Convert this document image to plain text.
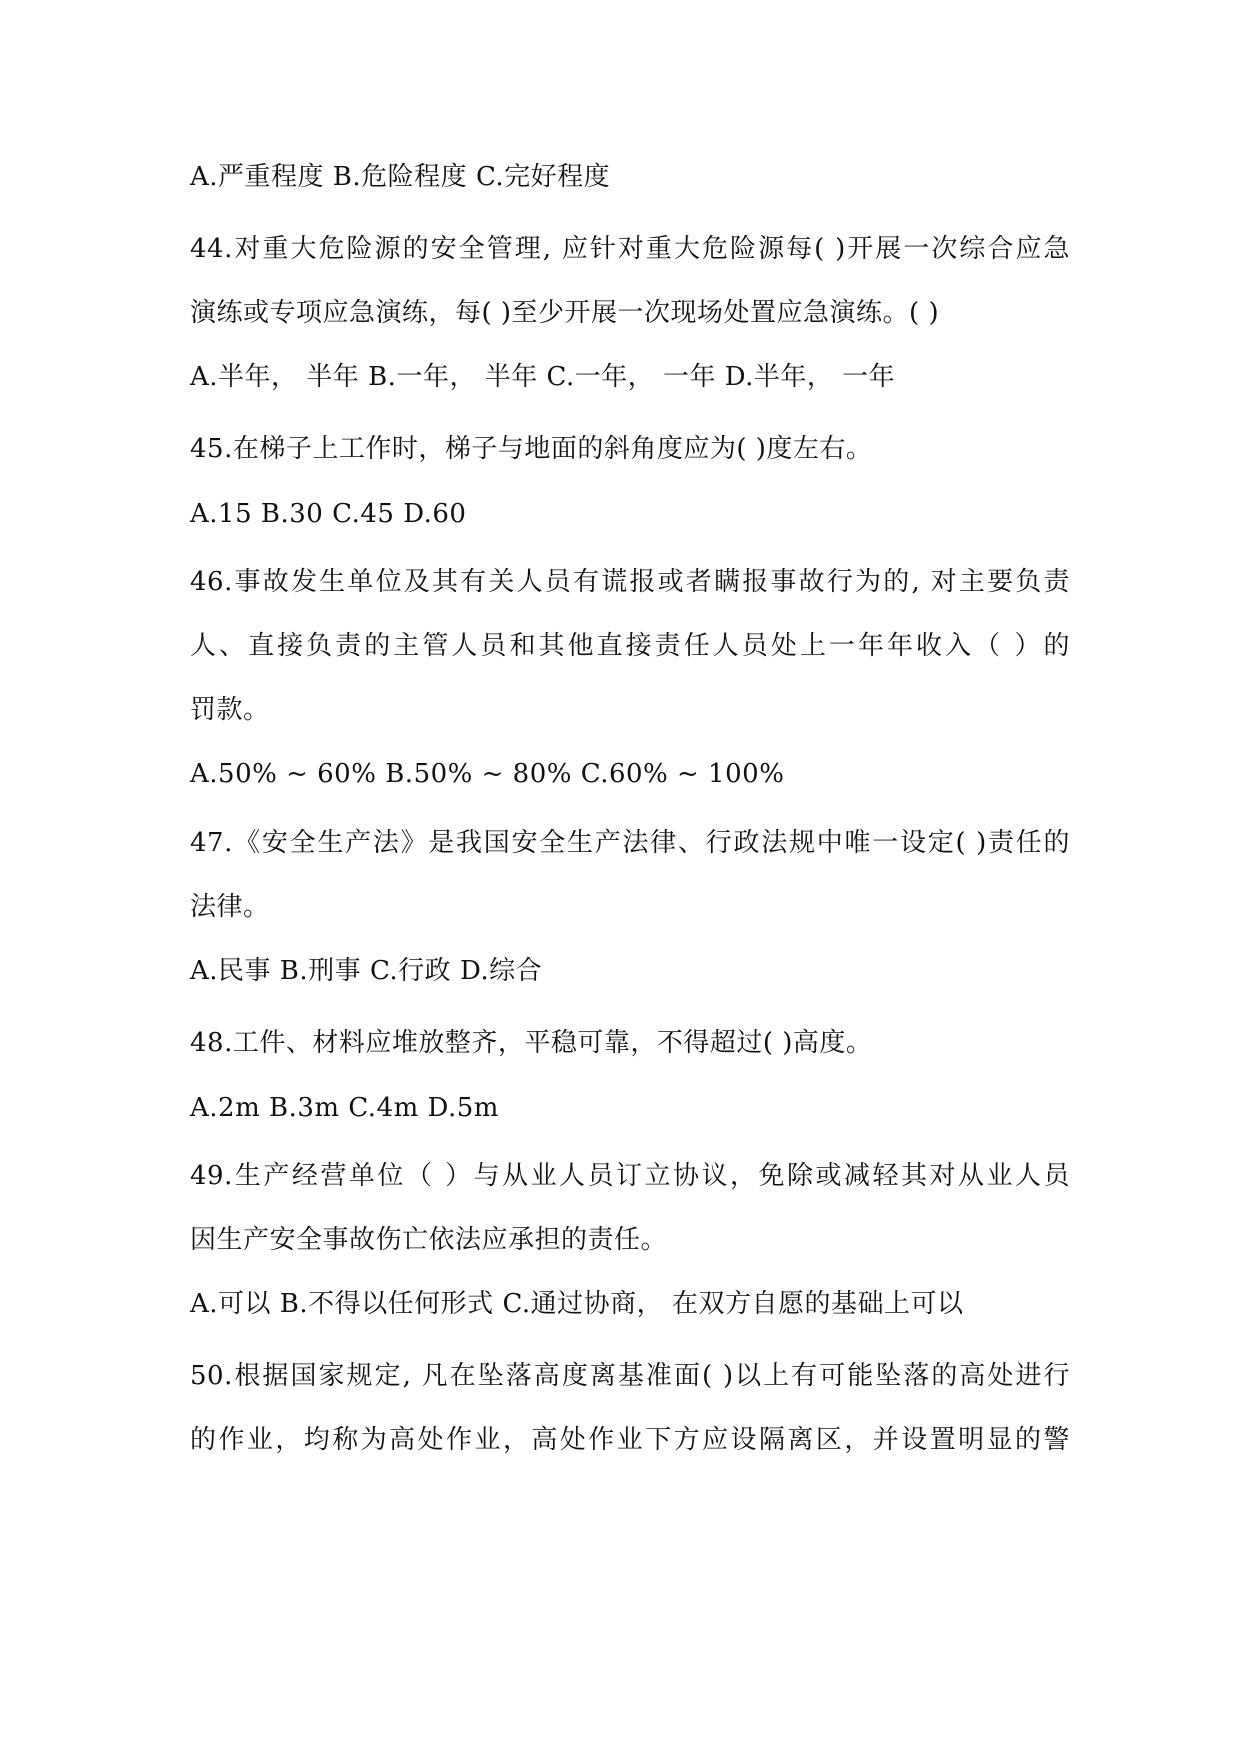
A.严重程度 B.危险程度 C.完好程度
44.对重大危险源的安全管理, 应针对重大危险源每( )开展一次综合应急
演练或专项应急演练，每( )至少开展一次现场处置应急演练。( )
A.半年， 半年 B.一年， 半年 C.一年， 一年 D.半年， 一年
45.在梯子上工作时，梯子与地面的斜角度应为( )度左右。
A.15 B.30 C.45 D.60
46.事故发生单位及其有关人员有谎报或者瞒报事故行为的, 对主要负责
人、直接负责的主管人员和其他直接责任人员处上一年年收入（ ）的
罚款。
A.50% ~ 60% B.50% ~ 80% C.60% ~ 100%
47.《安全生产法》是我国安全生产法律、行政法规中唯一设定( )责任的
法律。
A.民事 B.刑事 C.行政 D.综合
48.工件、材料应堆放整齐，平稳可靠，不得超过( )高度。
A.2m B.3m C.4m D.5m
49.生产经营单位（ ）与从业人员订立协议，免除或减轻其对从业人员
因生产安全事故伤亡依法应承担的责任。
A.可以 B.不得以任何形式 C.通过协商， 在双方自愿的基础上可以
50.根据国家规定, 凡在坠落高度离基准面( )以上有可能坠落的高处进行
的作业，均称为高处作业，高处作业下方应设隔离区，并设置明显的警
